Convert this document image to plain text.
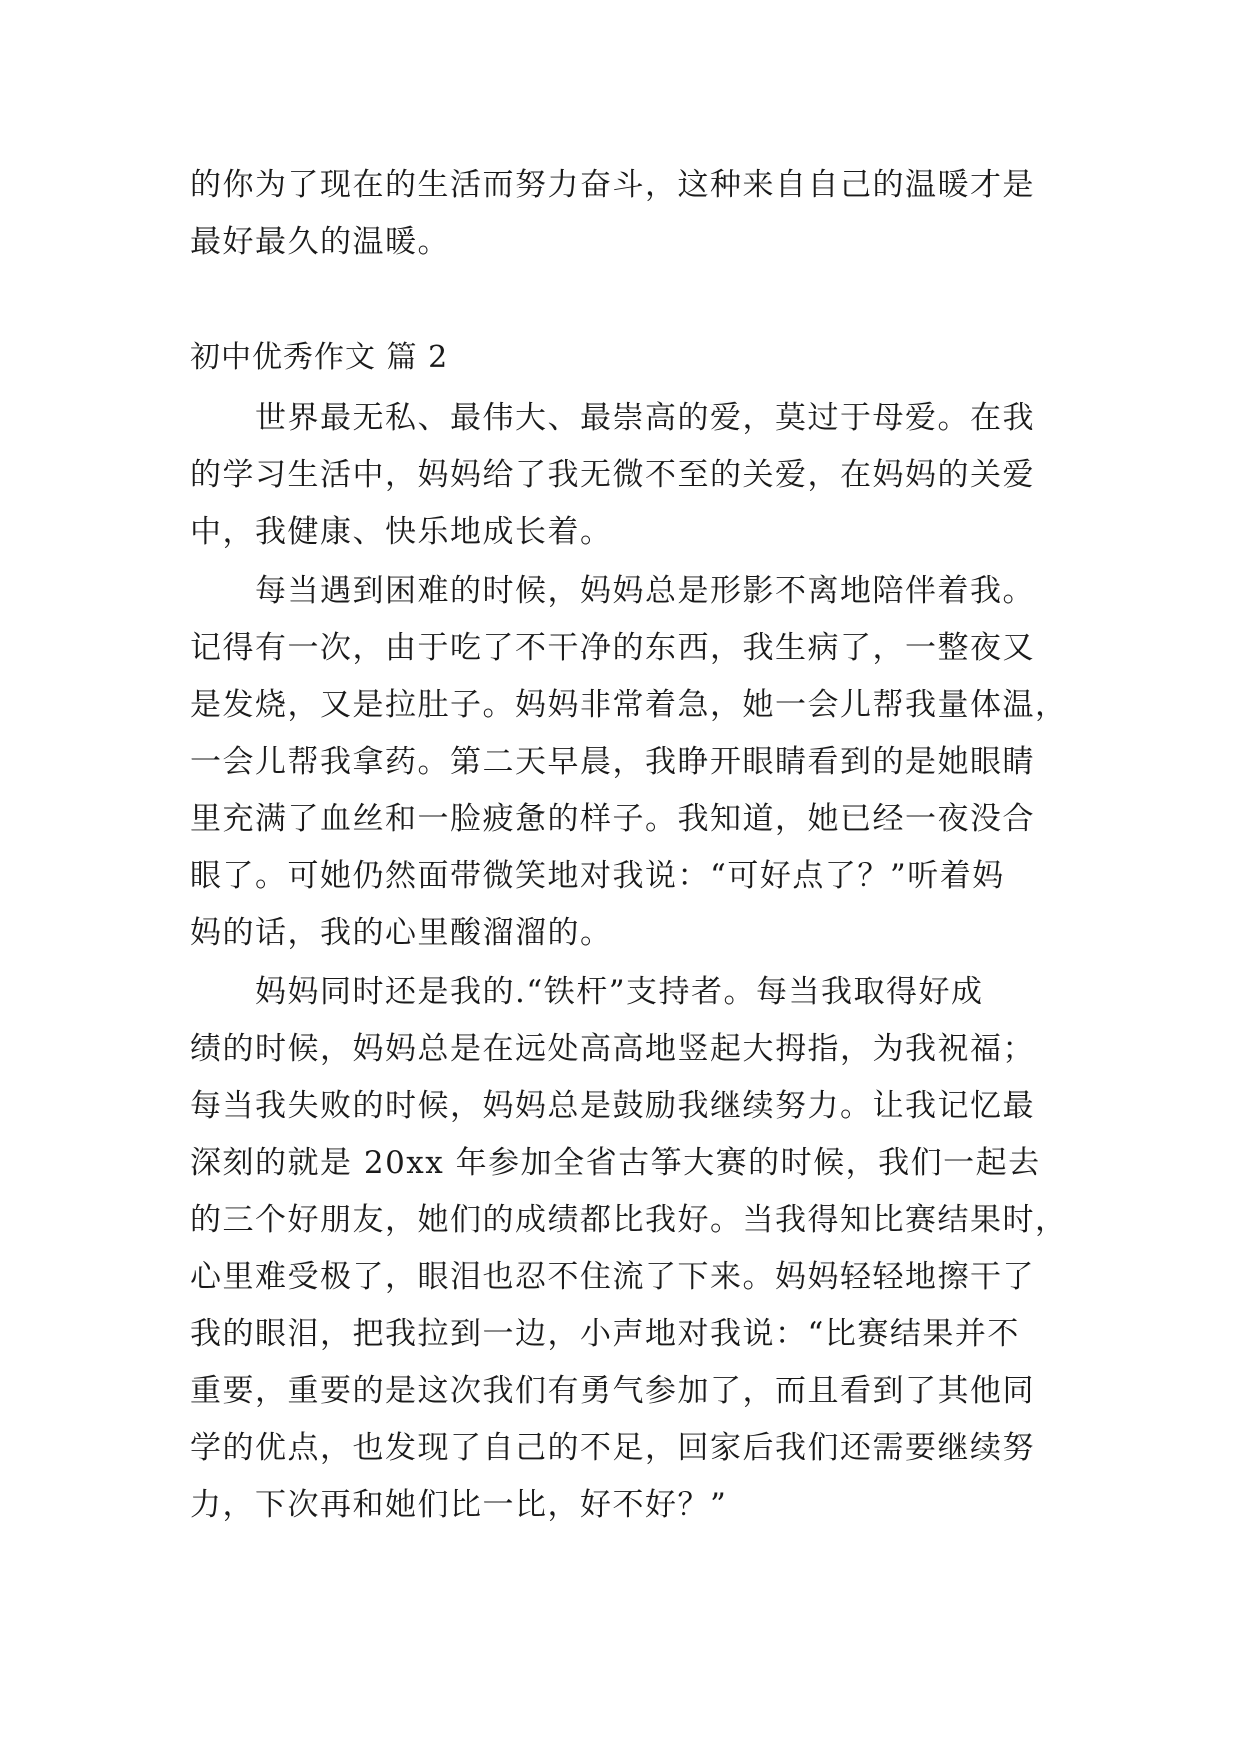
的你为了现在的生活而努力奋斗，这种来自自己的温暖才是
最好最久的温暖。
初中优秀作文 篇 2
　　世界最无私、最伟大、最崇高的爱，莫过于母爱。在我
的学习生活中，妈妈给了我无微不至的关爱，在妈妈的关爱
中，我健康、快乐地成长着。
　　每当遇到困难的时候，妈妈总是形影不离地陪伴着我。
记得有一次，由于吃了不干净的东西，我生病了，一整夜又
是发烧，又是拉肚子。妈妈非常着急，她一会儿帮我量体温，
一会儿帮我拿药。第二天早晨，我睁开眼睛看到的是她眼睛
里充满了血丝和一脸疲惫的样子。我知道，她已经一夜没合
眼了。可她仍然面带微笑地对我说：“可好点了？”听着妈
妈的话，我的心里酸溜溜的。
　　妈妈同时还是我的.“铁杆”支持者。每当我取得好成
绩的时候，妈妈总是在远处高高地竖起大拇指，为我祝福；
每当我失败的时候，妈妈总是鼓励我继续努力。让我记忆最
深刻的就是 20xx 年参加全省古筝大赛的时候，我们一起去
的三个好朋友，她们的成绩都比我好。当我得知比赛结果时，
心里难受极了，眼泪也忍不住流了下来。妈妈轻轻地擦干了
我的眼泪，把我拉到一边，小声地对我说：“比赛结果并不
重要，重要的是这次我们有勇气参加了，而且看到了其他同
学的优点，也发现了自己的不足，回家后我们还需要继续努
力，下次再和她们比一比，好不好？”
